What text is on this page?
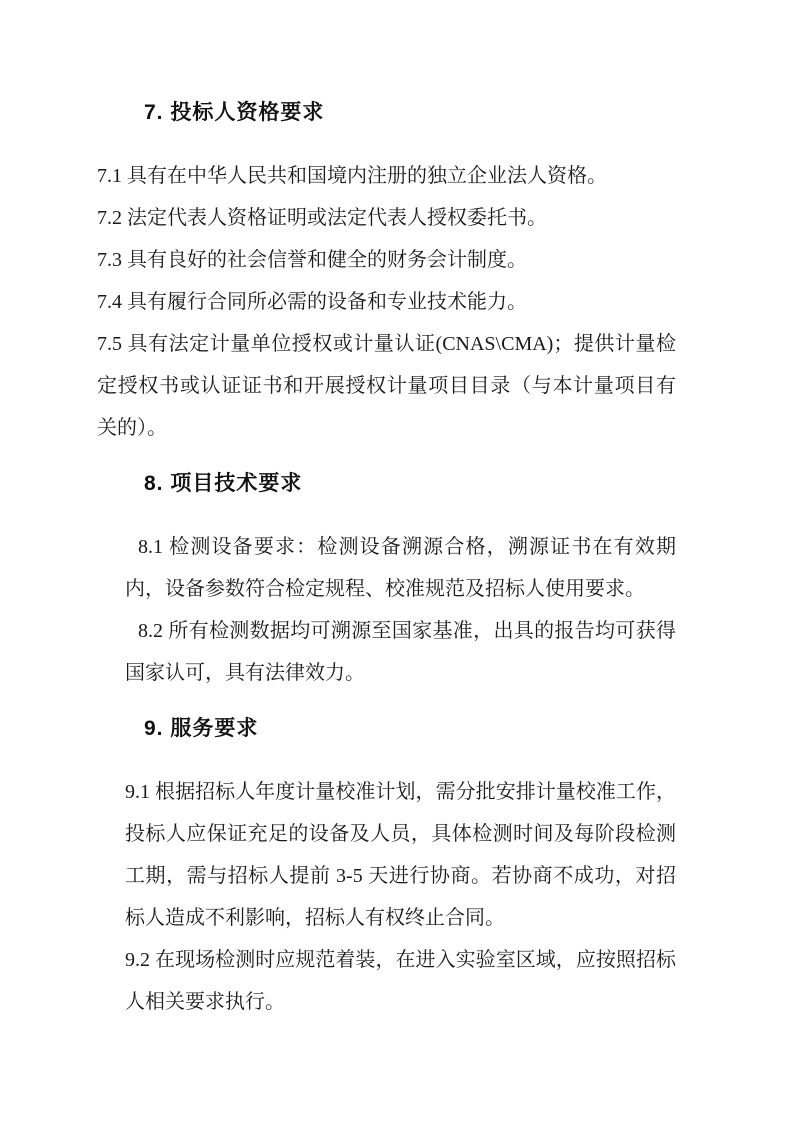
7. 投标人资格要求

7.1 具有在中华人民共和国境内注册的独立企业法人资格。

7.2 法定代表人资格证明或法定代表人授权委托书。

7.3 具有良好的社会信誉和健全的财务会计制度。

7.4 具有履行合同所必需的设备和专业技术能力。

7.5 具有法定计量单位授权或计量认证(CNAS\CMA)；提供计量检定授权书或认证证书和开展授权计量项目目录（与本计量项目有关的）。

8. 项目技术要求

8.1 检测设备要求：检测设备溯源合格，溯源证书在有效期内，设备参数符合检定规程、校准规范及招标人使用要求。

8.2 所有检测数据均可溯源至国家基准，出具的报告均可获得国家认可，具有法律效力。

9. 服务要求

9.1 根据招标人年度计量校准计划，需分批安排计量校准工作，投标人应保证充足的设备及人员，具体检测时间及每阶段检测工期，需与招标人提前 3-5 天进行协商。若协商不成功，对招标人造成不利影响，招标人有权终止合同。

9.2 在现场检测时应规范着装，在进入实验室区域，应按照招标人相关要求执行。
